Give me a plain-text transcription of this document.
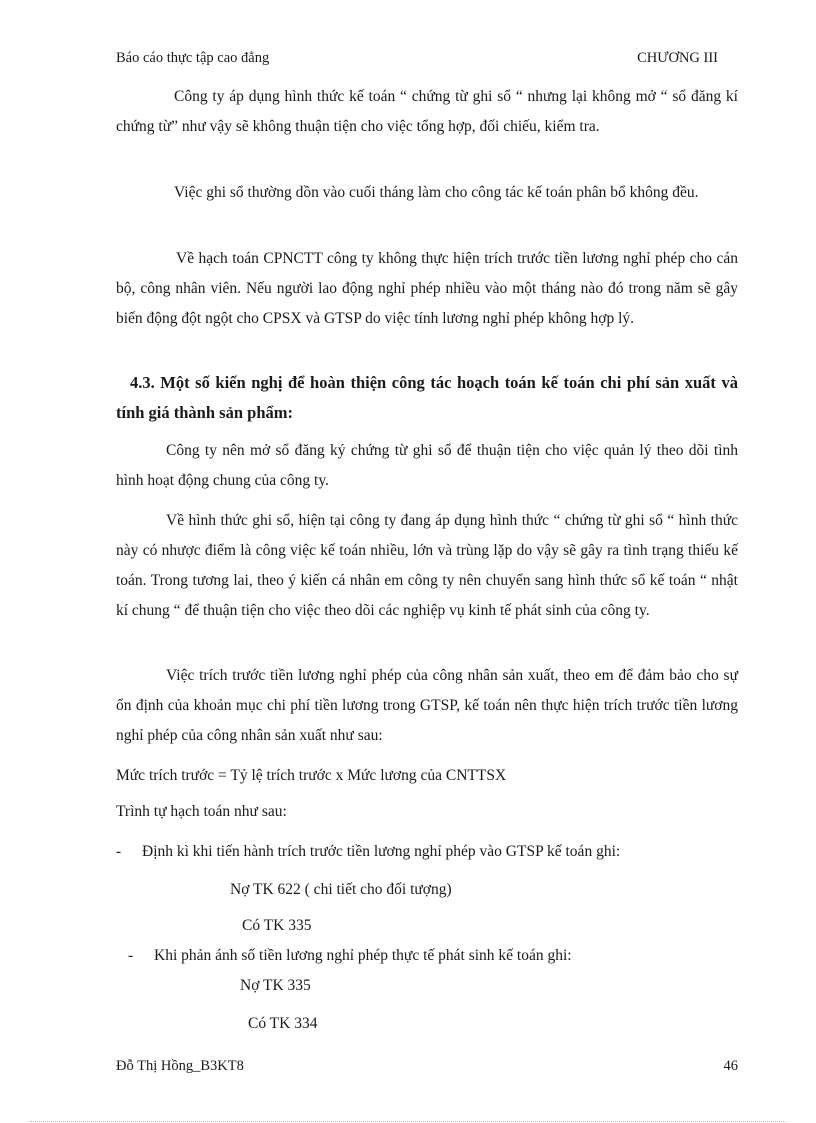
Báo cáo thực tập cao đẳng	CHƯƠNG III
Công ty áp dụng hình thức kế toán “ chứng từ ghi sổ “ nhưng lại không mở “ sổ đăng kí chứng từ” như vậy sẽ không thuận tiện cho việc tổng hợp, đối chiếu, kiểm tra.
Việc ghi sổ thường dồn vào cuối tháng làm cho công tác kế toán phân bổ không đều.
Về hạch toán CPNCTT công ty không thực hiện trích trước tiền lương nghỉ phép cho cán bộ, công nhân viên. Nếu người lao động nghỉ phép nhiều vào một tháng nào đó trong năm sẽ gây biến động đột ngột cho CPSX và GTSP do việc tính lương nghỉ phép không hợp lý.
4.3. Một số kiến nghị để hoàn thiện công tác hoạch toán kế toán chi phí sản xuất và tính giá thành sản phẩm:
Công ty nên mở sổ đăng ký chứng từ ghi sổ để thuận tiện cho việc quản lý theo dõi tình hình hoạt động chung của công ty.
Về hình thức ghi sổ, hiện tại công ty đang áp dụng hình thức “ chứng từ ghi sổ “ hình thức này có nhược điểm là công việc kế toán nhiều, lớn và trùng lặp do vậy sẽ gây ra tình trạng thiếu kế toán. Trong tương lai, theo ý kiến cá nhân em công ty nên chuyển sang hình thức sổ kế toán “ nhật kí chung “ để thuận tiện cho việc theo dõi các nghiệp vụ kinh tế phát sinh của công ty.
Việc trích trước tiền lương nghỉ phép của công nhân sản xuất, theo em để đảm bảo cho sự ổn định của khoản mục chi phí tiền lương trong GTSP, kế toán nên thực hiện trích trước tiền lương nghỉ phép của công nhân sản xuất như sau:
Mức trích trước = Tỷ lệ trích trước x Mức lương của CNTTSX
Trình tự hạch toán như sau:
- Định kì khi tiến hành trích trước tiền lương nghỉ phép vào GTSP kế toán ghi:
Nợ TK 622 ( chi tiết cho đối tượng)
Có TK 335
- Khi phản ánh số tiền lương nghỉ phép thực tế phát sinh kế toán ghi:
Nợ TK 335
Có TK 334
Đỗ Thị Hồng_B3KT8	46
